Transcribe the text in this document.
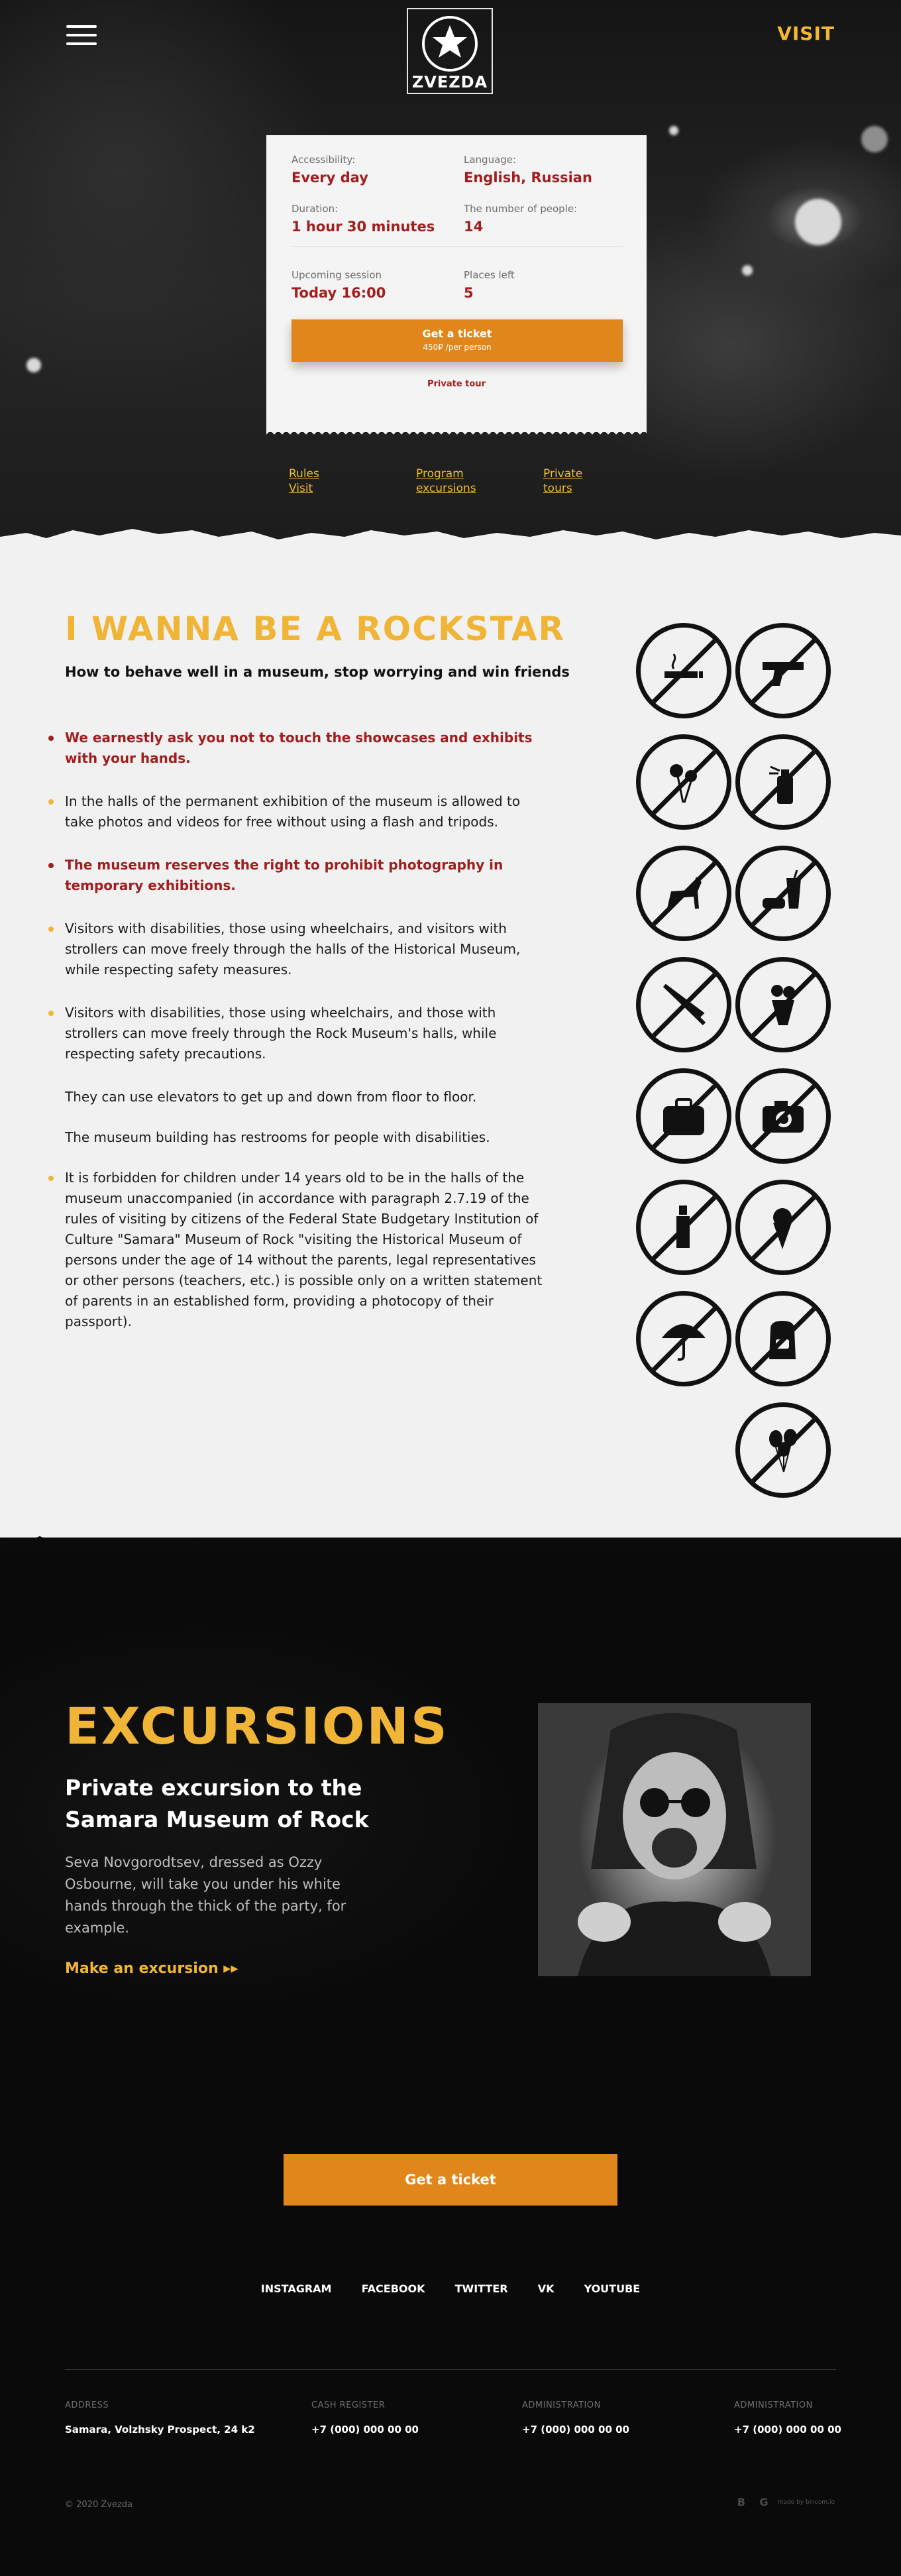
ZVEZDA
VISIT
Accessibility:
Every day
Language:
English, Russian
Duration:
1 hour 30 minutes
The number of people:
14
Upcoming session
Today 16:00
Places left
5
Get a ticket
450₽ /per person
Private tour
Rules
Visit
Program
excursions
Private
tours
I WANNA BE A ROCKSTAR

How to behave well in a museum, stop worrying and win friends

We earnestly ask you not to touch the showcases and exhibits with your hands.
In the halls of the permanent exhibition of the museum is allowed to take photos and videos for free without using a flash and tripods.
The museum reserves the right to prohibit photography in temporary exhibitions.
Visitors with disabilities, those using wheelchairs, and visitors with strollers can move freely through the halls of the Historical Museum, while respecting safety measures.
Visitors with disabilities, those using wheelchairs, and those with strollers can move freely through the Rock Museum's halls, while respecting safety precautions.
They can use elevators to get up and down from floor to floor.
The museum building has restrooms for people with disabilities.
It is forbidden for children under 14 years old to be in the halls of the museum unaccompanied (in accordance with paragraph 2.7.19 of the rules of visiting by citizens of the Federal State Budgetary Institution of Culture "Samara" Museum of Rock "visiting the Historical Museum of persons under the age of 14 without the parents, legal representatives or other persons (teachers, etc.) is possible only on a written statement of parents in an established form, providing a photocopy of their passport).
EXCURSIONS
Private excursion to the Samara Museum of Rock

Seva Novgorodtsev, dressed as Ozzy Osbourne, will take you under his white hands through the thick of the party, for example.

Make an excursion ▸▸
Get a ticket
INSTAGRAM	FACEBOOK	TWITTER	VK	YOUTUBE
ADDRESS
Samara, Volzhsky Prospect, 24 k2
CASH REGISTER
+7 (000) 000 00 00
ADMINISTRATION
+7 (000) 000 00 00
ADMINISTRATION
+7 (000) 000 00 00
© 2020 Zvezda	B G made by bincom.io
